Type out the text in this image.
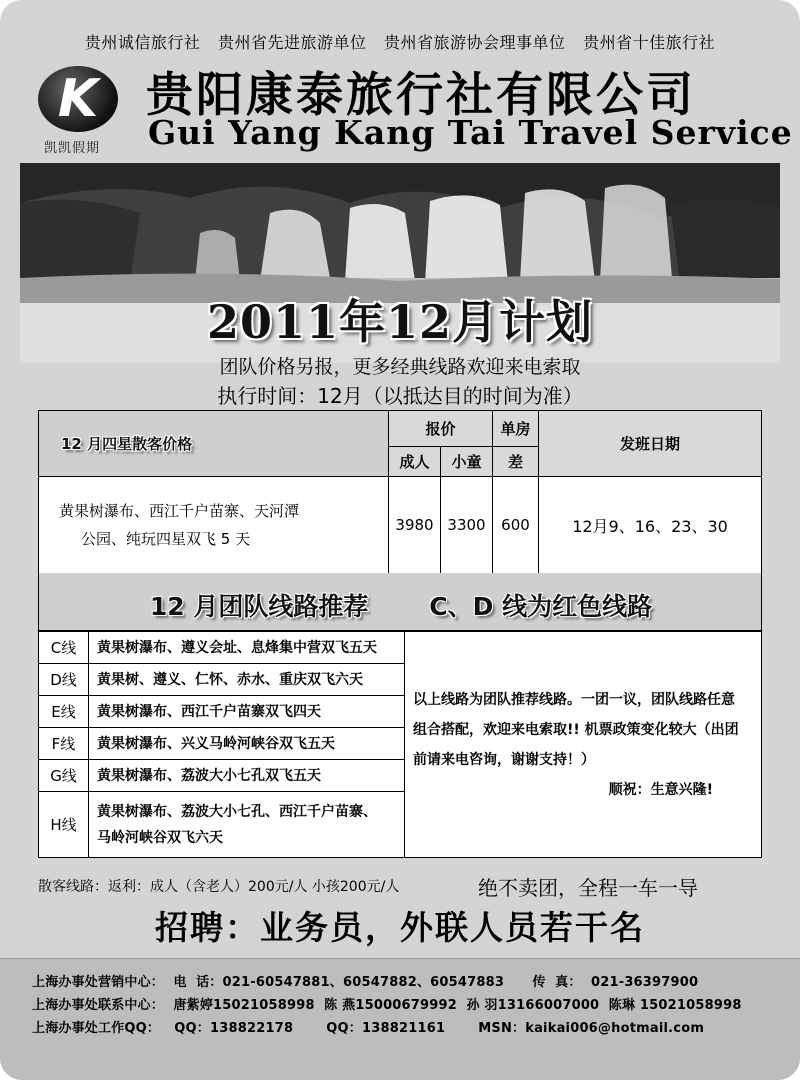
贵州诚信旅行社 贵州省先进旅游单位 贵州省旅游协会理事单位 贵州省十佳旅行社
K
凯凯假期
贵阳康泰旅行社有限公司
Gui Yang Kang Tai Travel Service
2011年12月计划
团队价格另报，更多经典线路欢迎来电索取
执行时间：12月（以抵达目的时间为准）
12 月四星散客价格	报价		单房	发班日期
	成人	小童	差	

黄果树瀑布、西江千户苗寨、天河潭
公园、纯玩四星双飞 5 天	3980	3300	600	12月9、16、23、30
12 月团队线路推荐       C、D 线为红色线路
C线	黄果树瀑布、遵义会址、息烽集中营双飞五天	以上线路为团队推荐线路。一团一议，团队线路任意

组合搭配，欢迎来电索取!! 机票政策变化较大（出团

前请来电咨询，谢谢支持！）

顺祝：生意兴隆!

D线	黄果树、遵义、仁怀、赤水、重庆双飞六天	
E线	黄果树瀑布、西江千户苗寨双飞四天	
F线	黄果树瀑布、兴义马岭河峡谷双飞五天	
G线	黄果树瀑布、荔波大小七孔双飞五天	
H线	黄果树瀑布、荔波大小七孔、西江千户苗寨、
马岭河峡谷双飞六天	
散客线路：返利：成人（含老人）200元/人 小孩200元/人	绝不卖团，全程一车一导
招聘：业务员，外联人员若干名
上海办事处营销中心：  电  话：021-60547881、60547882、60547883      传  真：  021-36397900
上海办事处联系中心：  唐紫婷15021058998  陈 燕15000679992  孙 羽13166007000  陈琳 15021058998
上海办事处工作QQ：   QQ：138822178       QQ：138821161       MSN：kaikai006@hotmail.com
